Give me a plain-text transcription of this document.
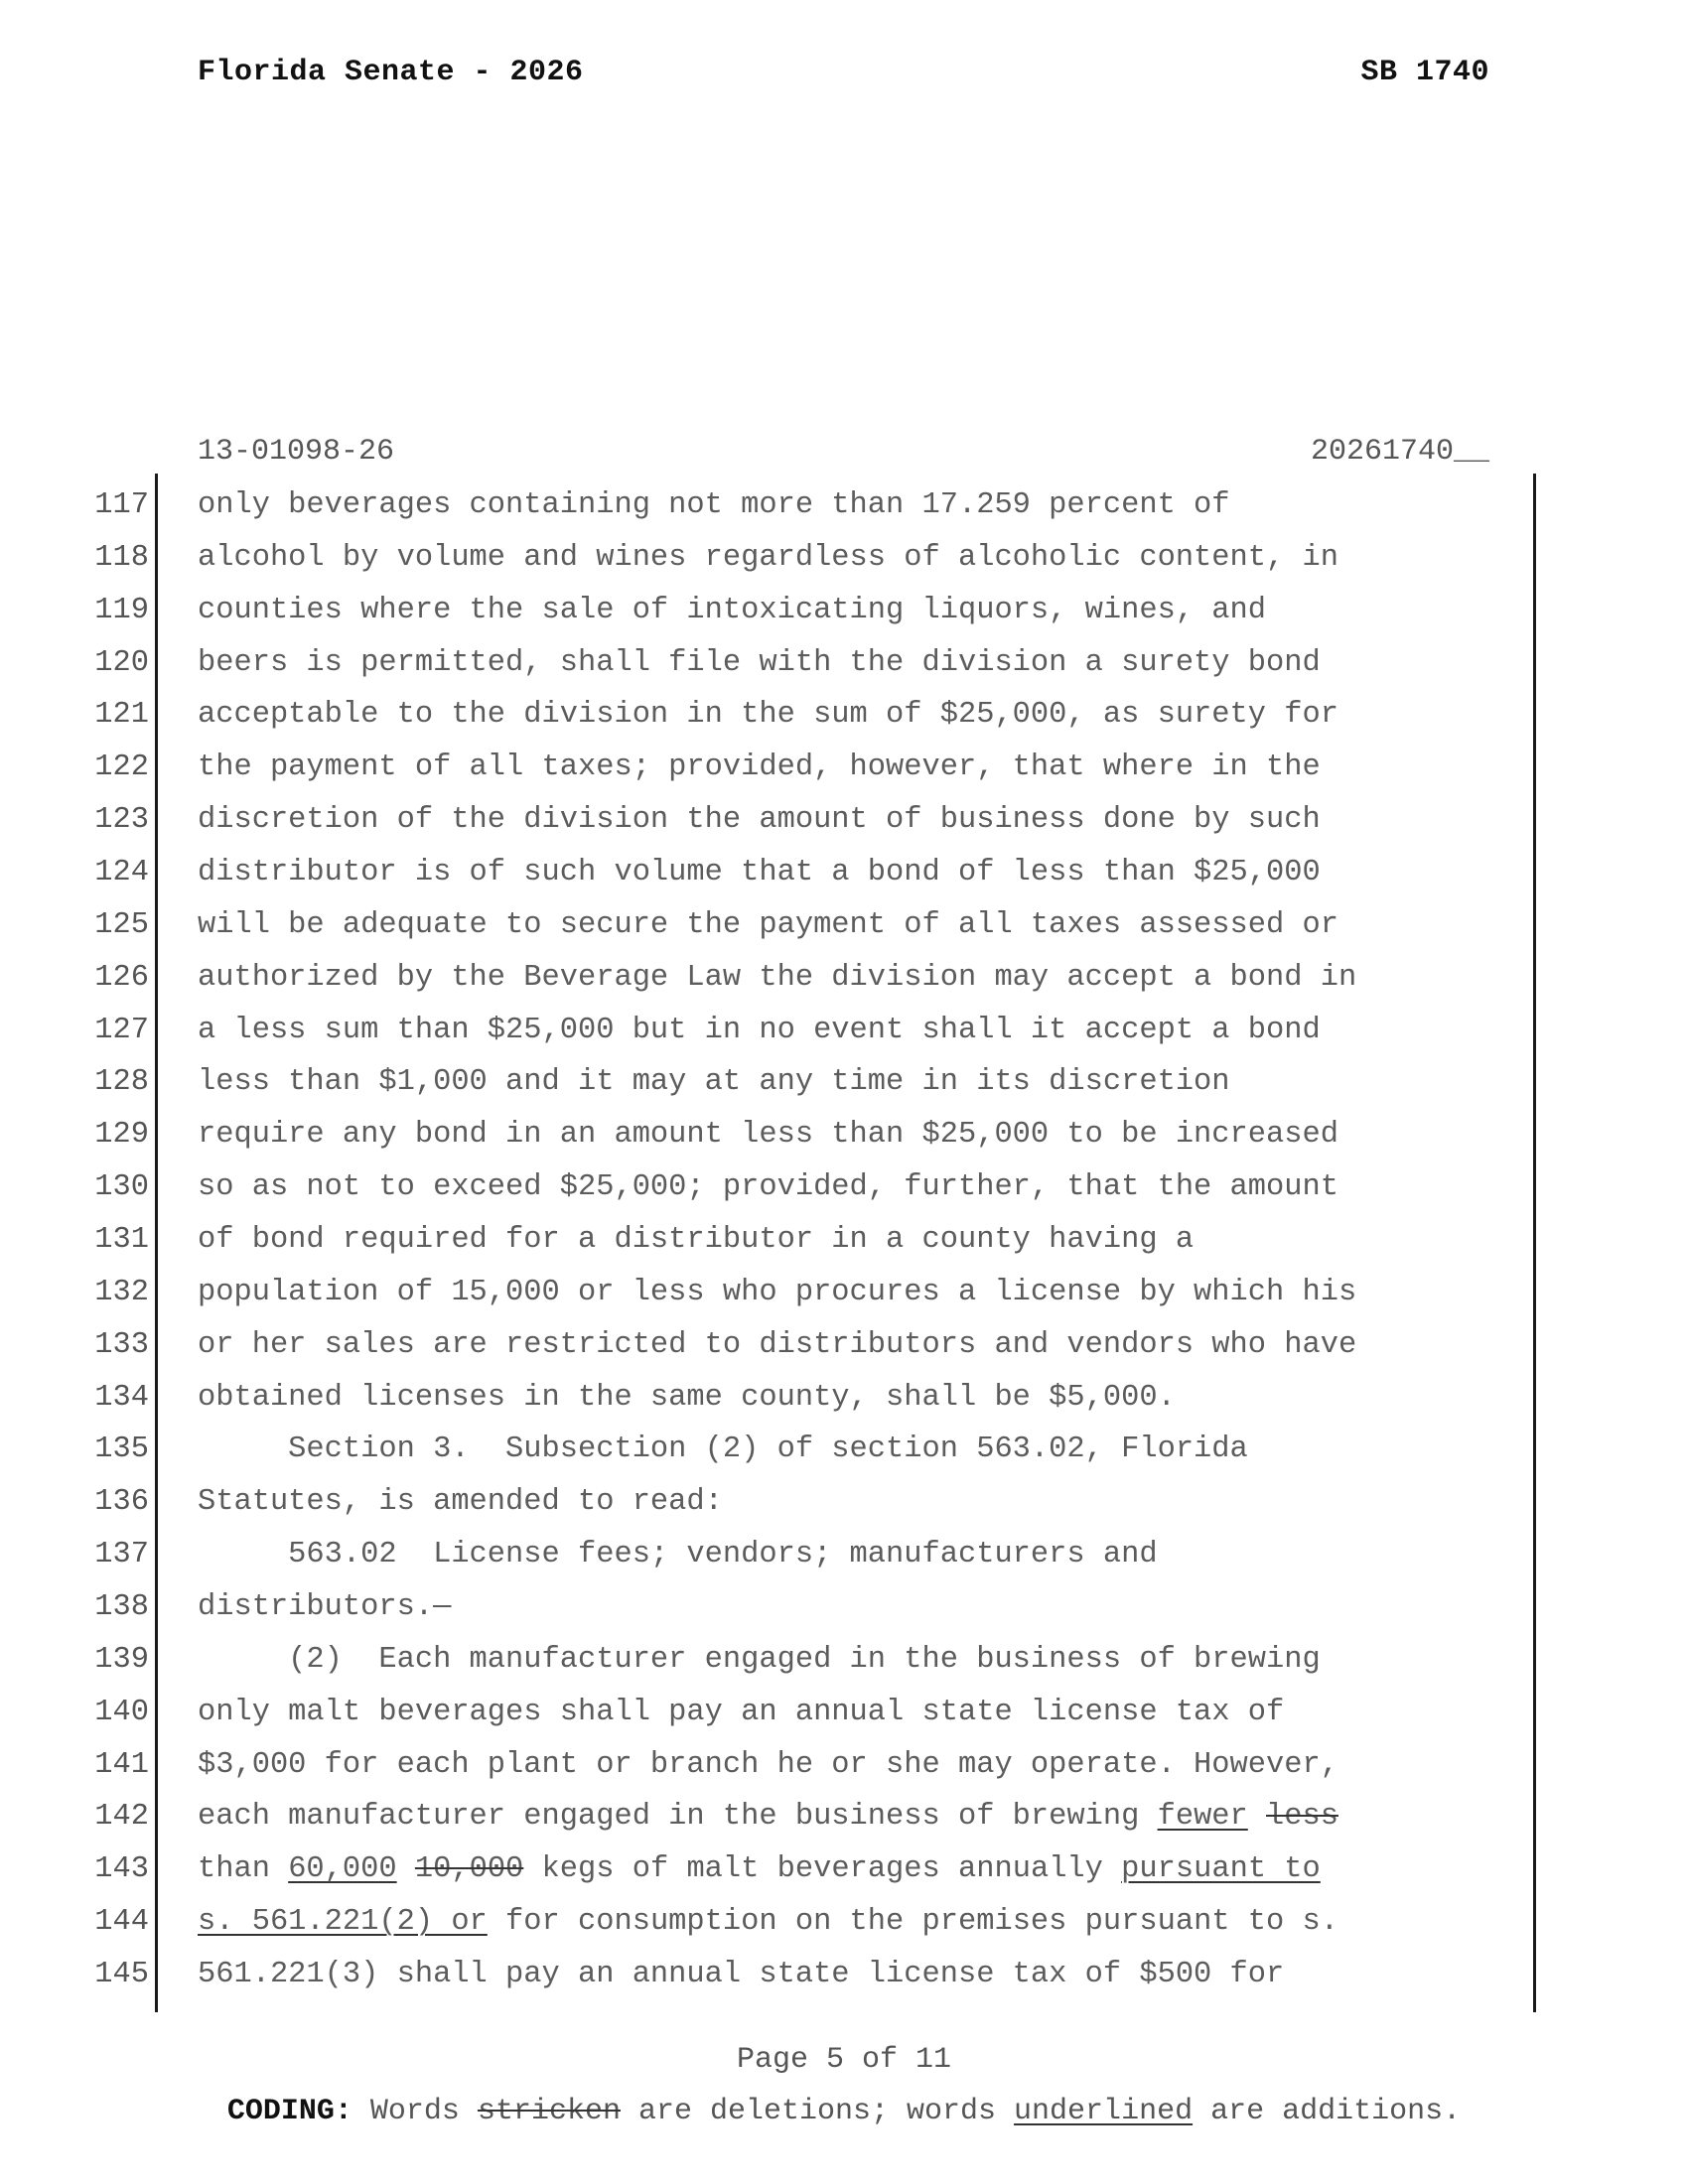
Florida Senate - 2026	SB 1740
13-01098-26	20261740__
117 only beverages containing not more than 17.259 percent of
118 alcohol by volume and wines regardless of alcoholic content, in
119 counties where the sale of intoxicating liquors, wines, and
120 beers is permitted, shall file with the division a surety bond
121 acceptable to the division in the sum of $25,000, as surety for
122 the payment of all taxes; provided, however, that where in the
123 discretion of the division the amount of business done by such
124 distributor is of such volume that a bond of less than $25,000
125 will be adequate to secure the payment of all taxes assessed or
126 authorized by the Beverage Law the division may accept a bond in
127 a less sum than $25,000 but in no event shall it accept a bond
128 less than $1,000 and it may at any time in its discretion
129 require any bond in an amount less than $25,000 to be increased
130 so as not to exceed $25,000; provided, further, that the amount
131 of bond required for a distributor in a county having a
132 population of 15,000 or less who procures a license by which his
133 or her sales are restricted to distributors and vendors who have
134 obtained licenses in the same county, shall be $5,000.
135 Section 3.  Subsection (2) of section 563.02, Florida
136 Statutes, is amended to read:
137 563.02  License fees; vendors; manufacturers and
138 distributors.—
139 (2)  Each manufacturer engaged in the business of brewing
140 only malt beverages shall pay an annual state license tax of
141 $3,000 for each plant or branch he or she may operate. However,
142 each manufacturer engaged in the business of brewing fewer less
143 than 60,000 10,000 kegs of malt beverages annually pursuant to
144 s. 561.221(2) or for consumption on the premises pursuant to s.
145 561.221(3) shall pay an annual state license tax of $500 for
Page 5 of 11
CODING: Words stricken are deletions; words underlined are additions.
